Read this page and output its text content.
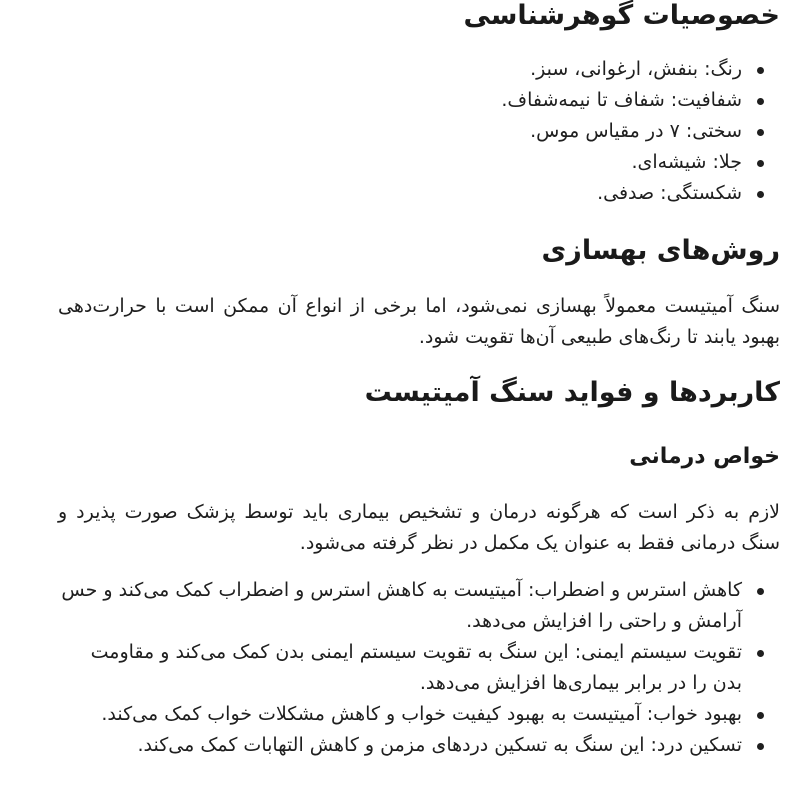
خصوصیات گوهرشناسی
رنگ: بنفش، ارغوانی، سبز.
شفافیت: شفاف تا نیمه‌شفاف.
سختی: ۷ در مقیاس موس.
جلا: شیشه‌ای.
شکستگی: صدفی.
روش‌های بهسازی

سنگ آمیتیست معمولاً بهسازی نمی‌شود، اما برخی از انواع آن ممکن است با حرارت‌دهی بهبود یابند تا رنگ‌های طبیعی آن‌ها تقویت شود.

کاربردها و فواید سنگ آمیتیست
خواص درمانی

لازم به ذکر است که هرگونه درمان و تشخیص بیماری باید توسط پزشک صورت پذیرد و سنگ درمانی فقط به عنوان یک مکمل در نظر گرفته می‌شود.

کاهش استرس و اضطراب: آمیتیست به کاهش استرس و اضطراب کمک می‌کند و حس آرامش و راحتی را افزایش می‌دهد.
تقویت سیستم ایمنی: این سنگ به تقویت سیستم ایمنی بدن کمک می‌کند و مقاومت بدن را در برابر بیماری‌ها افزایش می‌دهد.
بهبود خواب: آمیتیست به بهبود کیفیت خواب و کاهش مشکلات خواب کمک می‌کند.
تسکین درد: این سنگ به تسکین دردهای مزمن و کاهش التهابات کمک می‌کند.
